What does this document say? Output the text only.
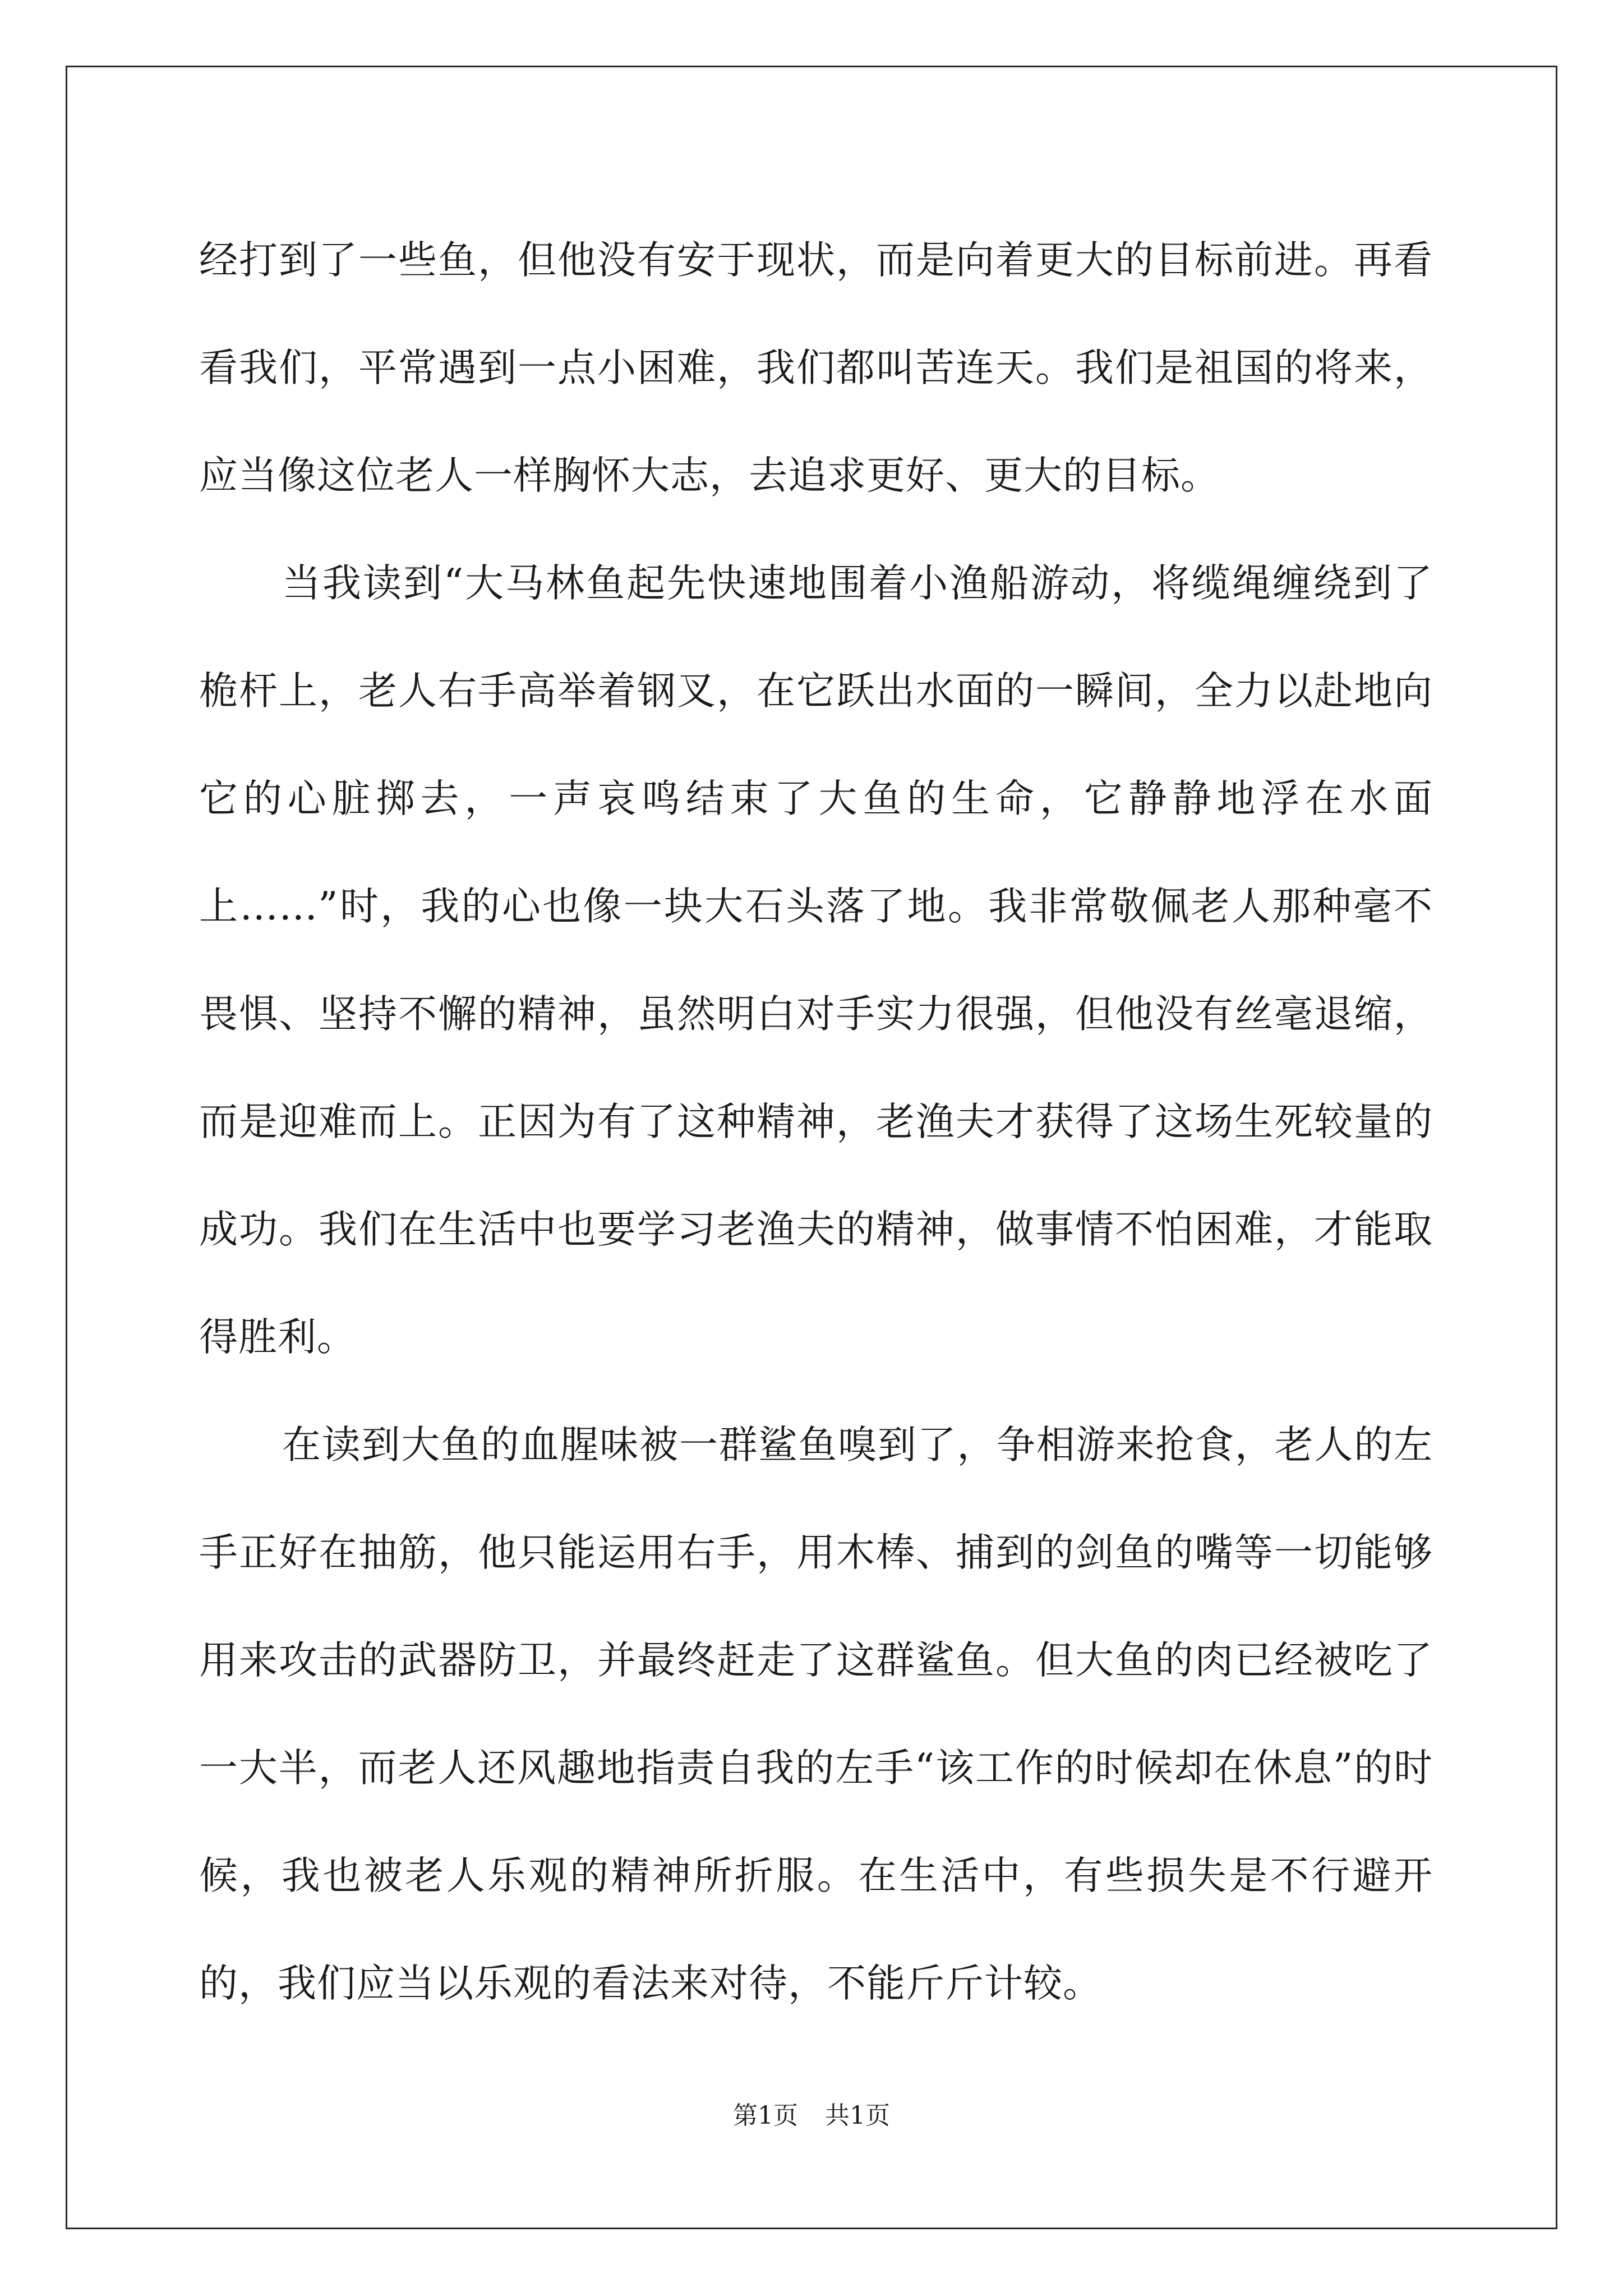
经打到了一些鱼，但他没有安于现状，而是向着更大的目标前进。再看看我们，平常遇到一点小困难，我们都叫苦连天。我们是祖国的将来，应当像这位老人一样胸怀大志，去追求更好、更大的目标。

当我读到“大马林鱼起先快速地围着小渔船游动，将缆绳缠绕到了桅杆上，老人右手高举着钢叉，在它跃出水面的一瞬间，全力以赴地向它的心脏掷去，一声哀鸣结束了大鱼的生命，它静静地浮在水面上……”时，我的心也像一块大石头落了地。我非常敬佩老人那种毫不畏惧、坚持不懈的精神，虽然明白对手实力很强，但他没有丝毫退缩，而是迎难而上。正因为有了这种精神，老渔夫才获得了这场生死较量的成功。我们在生活中也要学习老渔夫的精神，做事情不怕困难，才能取得胜利。

在读到大鱼的血腥味被一群鲨鱼嗅到了，争相游来抢食，老人的左手正好在抽筋，他只能运用右手，用木棒、捕到的剑鱼的嘴等一切能够用来攻击的武器防卫，并最终赶走了这群鲨鱼。但大鱼的肉已经被吃了一大半，而老人还风趣地指责自我的左手“该工作的时候却在休息”的时候，我也被老人乐观的精神所折服。在生活中，有些损失是不行避开的，我们应当以乐观的看法来对待，不能斤斤计较。

第1页 共1页
